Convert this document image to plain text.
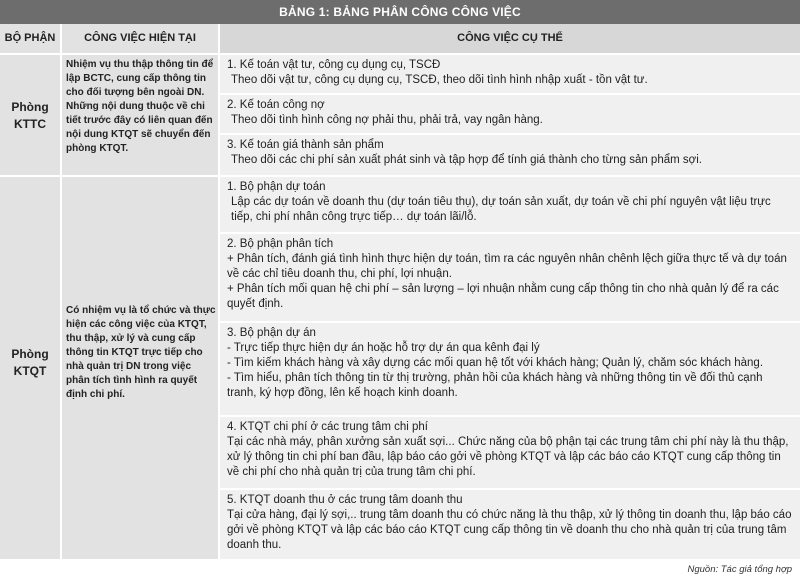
BẢNG 1: BẢNG PHÂN CÔNG CÔNG VIỆC
BỘ PHẬN	CÔNG VIỆC HIỆN TẠI	CÔNG VIỆC CỤ THỂ
Phòng KTTC
Nhiệm vụ thu thập thông tin để lập BCTC, cung cấp thông tin cho đối tượng bên ngoài DN. Những nội dung thuộc về chi tiết trước đây có liên quan đến nội dung KTQT sẽ chuyển đến phòng KTQT.
1. Kế toán vật tư, công cụ dụng cụ, TSCĐ
Theo dõi vật tư, công cụ dụng cụ, TSCĐ, theo dõi tình hình nhập xuất - tồn vật tư.
2. Kế toán công nợ
Theo dõi tình hình công nợ phải thu, phải trả, vay ngân hàng.
3. Kế toán giá thành sản phẩm
Theo dõi các chi phí sản xuất phát sinh và tập hợp để tính giá thành cho từng sản phẩm sợi.
Phòng KTQT
Có nhiệm vụ là tổ chức và thực hiện các công việc của KTQT, thu thập, xử lý và cung cấp thông tin KTQT trực tiếp cho nhà quản trị DN trong việc phân tích tình hình ra quyết định chi phí.
1. Bộ phận dự toán
Lập các dự toán về doanh thu (dự toán tiêu thụ), dự toán sản xuất, dự toán về chi phí nguyên vật liệu trực tiếp, chi phí nhân công trực tiếp… dự toán lãi/lỗ.
2. Bộ phận phân tích
+ Phân tích, đánh giá tình hình thực hiện dự toán, tìm ra các nguyên nhân chênh lệch giữa thực tế và dự toán về các chỉ tiêu doanh thu, chi phí, lợi nhuận.
+ Phân tích mối quan hệ chi phí – sản lượng – lợi nhuận nhằm cung cấp thông tin cho nhà quản lý để ra các quyết định.
3. Bộ phận dự án
- Trực tiếp thực hiện dự án hoặc hỗ trợ dự án qua kênh đại lý
- Tìm kiếm khách hàng và xây dựng các mối quan hệ tốt với khách hàng; Quản lý, chăm sóc khách hàng.
- Tìm hiểu, phân tích thông tin từ thị trường, phản hồi của khách hàng và những thông tin về đối thủ cạnh tranh, ký hợp đồng, lên kế hoạch kinh doanh.
4. KTQT chi phí ở các trung tâm chi phí
Tại các nhà máy, phân xưởng sản xuất sợi... Chức năng của bộ phận tại các trung tâm chi phí này là thu thập, xử lý thông tin chi phí ban đầu, lập báo cáo gởi về phòng KTQT và lập các báo cáo KTQT cung cấp thông tin về chi phí cho nhà quản trị của trung tâm chi phí.
5. KTQT doanh thu ở các trung tâm doanh thu
Tại cửa hàng, đại lý sợi,.. trung tâm doanh thu có chức năng là thu thập, xử lý thông tin doanh thu, lập báo cáo gởi về phòng KTQT và lập các báo cáo KTQT cung cấp thông tin về doanh thu cho nhà quản trị của trung tâm doanh thu.
Nguồn: Tác giả tổng hợp
